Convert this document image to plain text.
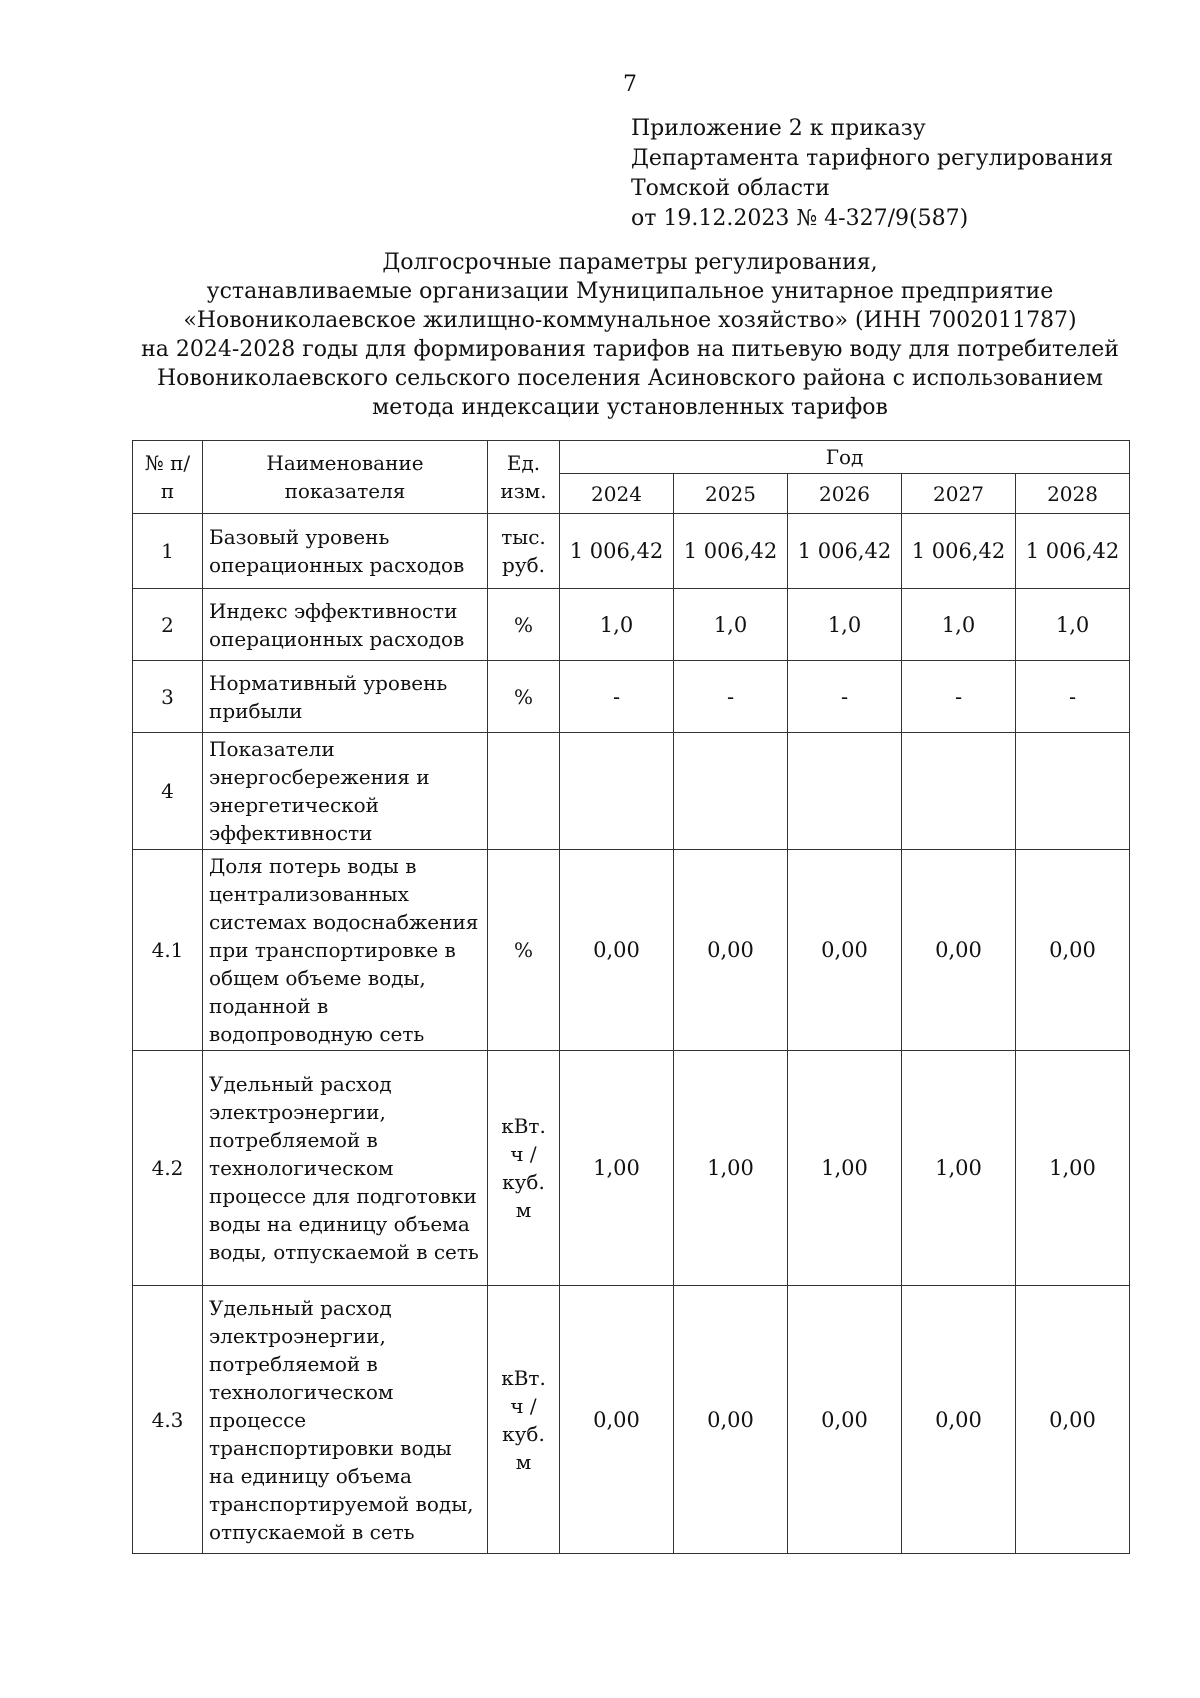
7
Приложение 2 к приказу
Департамента тарифного регулирования
Томской области
от 19.12.2023 № 4-327/9(587)
Долгосрочные параметры регулирования,
устанавливаемые организации Муниципальное унитарное предприятие
«Новониколаевское жилищно-коммунальное хозяйство» (ИНН 7002011787)
на 2024-2028 годы для формирования тарифов на питьевую воду для потребителей
Новониколаевского сельского поселения Асиновского района с использованием
метода индексации установленных тарифов
№ п/п	Наименование показателя	Ед. изм.	Год				
			2024	2025	2026	2027	2028
1	Базовый уровень операционных расходов	тыс. руб.	1 006,42	1 006,42	1 006,42	1 006,42	1 006,42
2	Индекс эффективности операционных расходов	%	1,0	1,0	1,0	1,0	1,0
3	Нормативный уровень прибыли	%	-	-	-	-	-
4	Показатели энергосбережения и энергетической эффективности						
4.1	Доля потерь воды в централизованных системах водоснабжения при транспортировке в общем объеме воды, поданной в водопроводную сеть	%	0,00	0,00	0,00	0,00	0,00
4.2	Удельный расход электроэнергии, потребляемой в технологическом процессе для подготовки воды на единицу объема воды, отпускаемой в сеть	кВт. ч / куб. м	1,00	1,00	1,00	1,00	1,00
4.3	Удельный расход электроэнергии, потребляемой в технологическом процессе транспортировки воды на единицу объема транспортируемой воды, отпускаемой в сеть	кВт. ч / куб. м	0,00	0,00	0,00	0,00	0,00
